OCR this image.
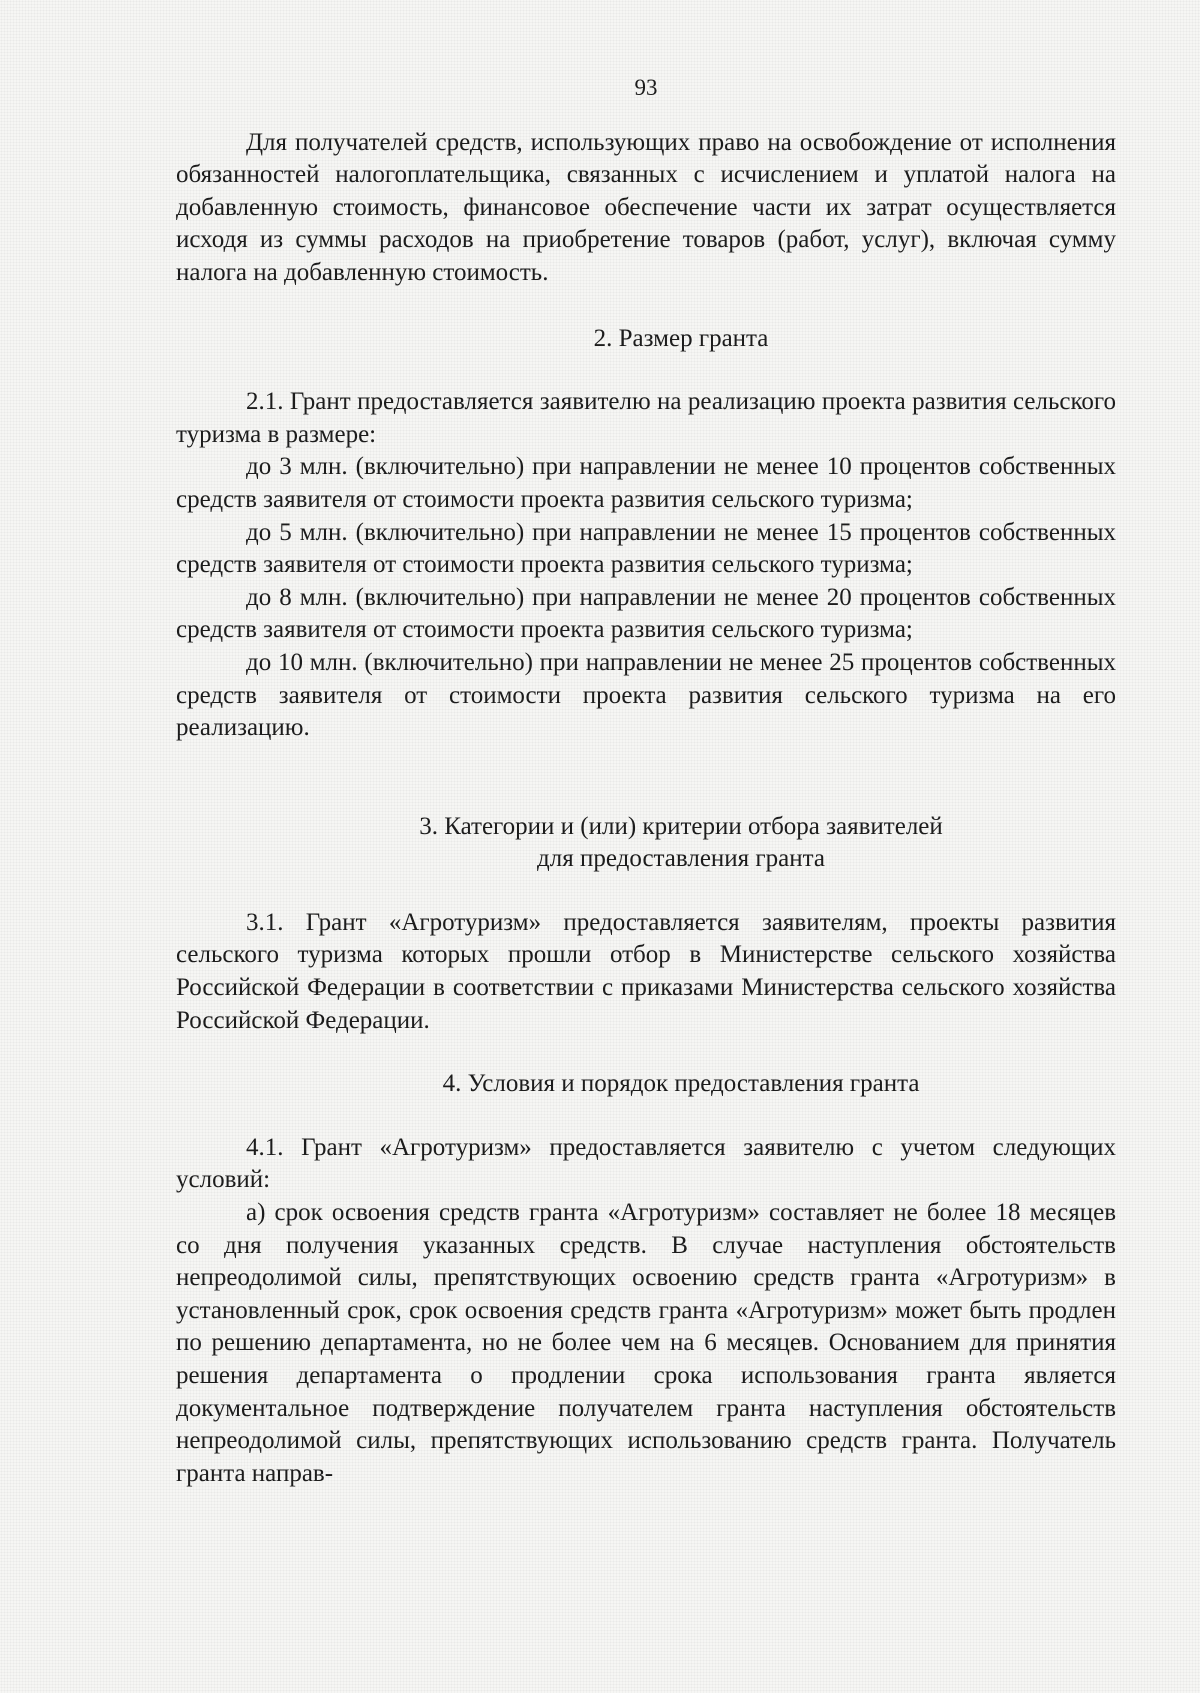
93

Для получателей средств, использующих право на освобождение от исполнения обязанностей налогоплательщика, связанных с исчислением и уплатой налога на добавленную стоимость, финансовое обеспечение части их затрат осуществляется исходя из суммы расходов на приобретение товаров (работ, услуг), включая сумму налога на добавленную стоимость.

2. Размер гранта

2.1. Грант предоставляется заявителю на реализацию проекта развития сельского туризма в размере:

до 3 млн. (включительно) при направлении не менее 10 процентов собственных средств заявителя от стоимости проекта развития сельского туризма;

до 5 млн. (включительно) при направлении не менее 15 процентов собственных средств заявителя от стоимости проекта развития сельского туризма;

до 8 млн. (включительно) при направлении не менее 20 процентов собственных средств заявителя от стоимости проекта развития сельского туризма;

до 10 млн. (включительно) при направлении не менее 25 процентов собственных средств заявителя от стоимости проекта развития сельского туризма на его реализацию.

3. Категории и (или) критерии отбора заявителей

для предоставления гранта

3.1. Грант «Агротуризм» предоставляется заявителям, проекты развития сельского туризма которых прошли отбор в Министерстве сельского хозяйства Российской Федерации в соответствии с приказами Министерства сельского хозяйства Российской Федерации.

4. Условия и порядок предоставления гранта

4.1. Грант «Агротуризм» предоставляется заявителю с учетом следующих условий:

а) срок освоения средств гранта «Агротуризм» составляет не более 18 месяцев со дня получения указанных средств. В случае наступления обстоятельств непреодолимой силы, препятствующих освоению средств гранта «Агротуризм» в установленный срок, срок освоения средств гранта «Агротуризм» может быть продлен по решению департамента, но не более чем на 6 месяцев. Основанием для принятия решения департамента о продлении срока использования гранта является документальное подтверждение получателем гранта наступления обстоятельств непреодолимой силы, препятствующих использованию средств гранта. Получатель гранта направ-
